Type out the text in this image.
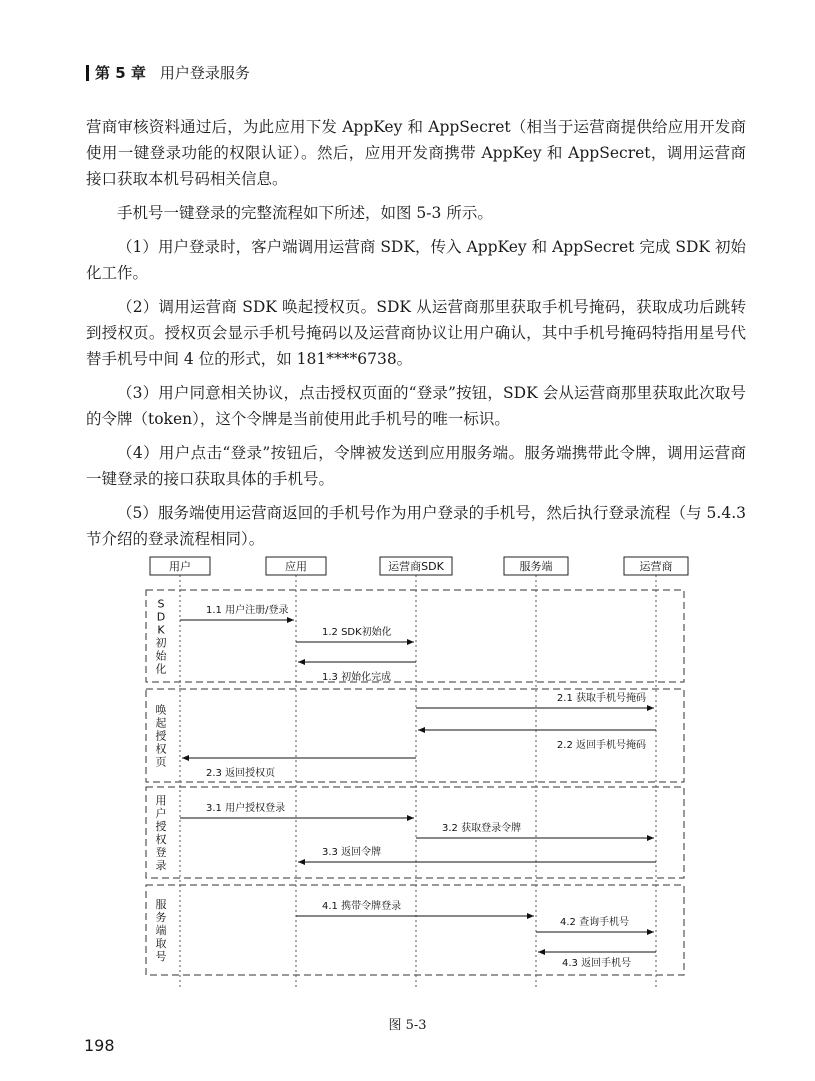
第 5 章 用户登录服务

营商审核资料通过后，为此应用下发 AppKey 和 AppSecret（相当于运营商提供给应用开发商使用一键登录功能的权限认证）。然后，应用开发商携带 AppKey 和 AppSecret，调用运营商接口获取本机号码相关信息。

手机号一键登录的完整流程如下所述，如图 5-3 所示。

（1）用户登录时，客户端调用运营商 SDK，传入 AppKey 和 AppSecret 完成 SDK 初始化工作。

（2）调用运营商 SDK 唤起授权页。SDK 从运营商那里获取手机号掩码，获取成功后跳转到授权页。授权页会显示手机号掩码以及运营商协议让用户确认，其中手机号掩码特指用星号代替手机号中间 4 位的形式，如 181****6738。

（3）用户同意相关协议，点击授权页面的“登录”按钮，SDK 会从运营商那里获取此次取号的令牌（token），这个令牌是当前使用此手机号的唯一标识。

（4）用户点击“登录”按钮后，令牌被发送到应用服务端。服务端携带此令牌，调用运营商一键登录的接口获取具体的手机号。

（5）服务端使用运营商返回的手机号作为用户登录的手机号，然后执行登录流程（与 5.4.3 节介绍的登录流程相同）。

S
D
K
初
始
化
唤
起
授
权
页
用
户
授
权
登
录
服
务
端
取
号
用户	应用	运营商SDK	服务端	运营商
1.1 用户注册/登录
1.2 SDK初始化
1.3 初始化完成
2.1 获取手机号掩码
2.2 返回手机号掩码
2.3 返回授权页
3.1 用户授权登录
3.2 获取登录令牌
3.3 返回令牌
4.1 携带令牌登录
4.2 查询手机号
4.3 返回手机号
图 5-3
198
